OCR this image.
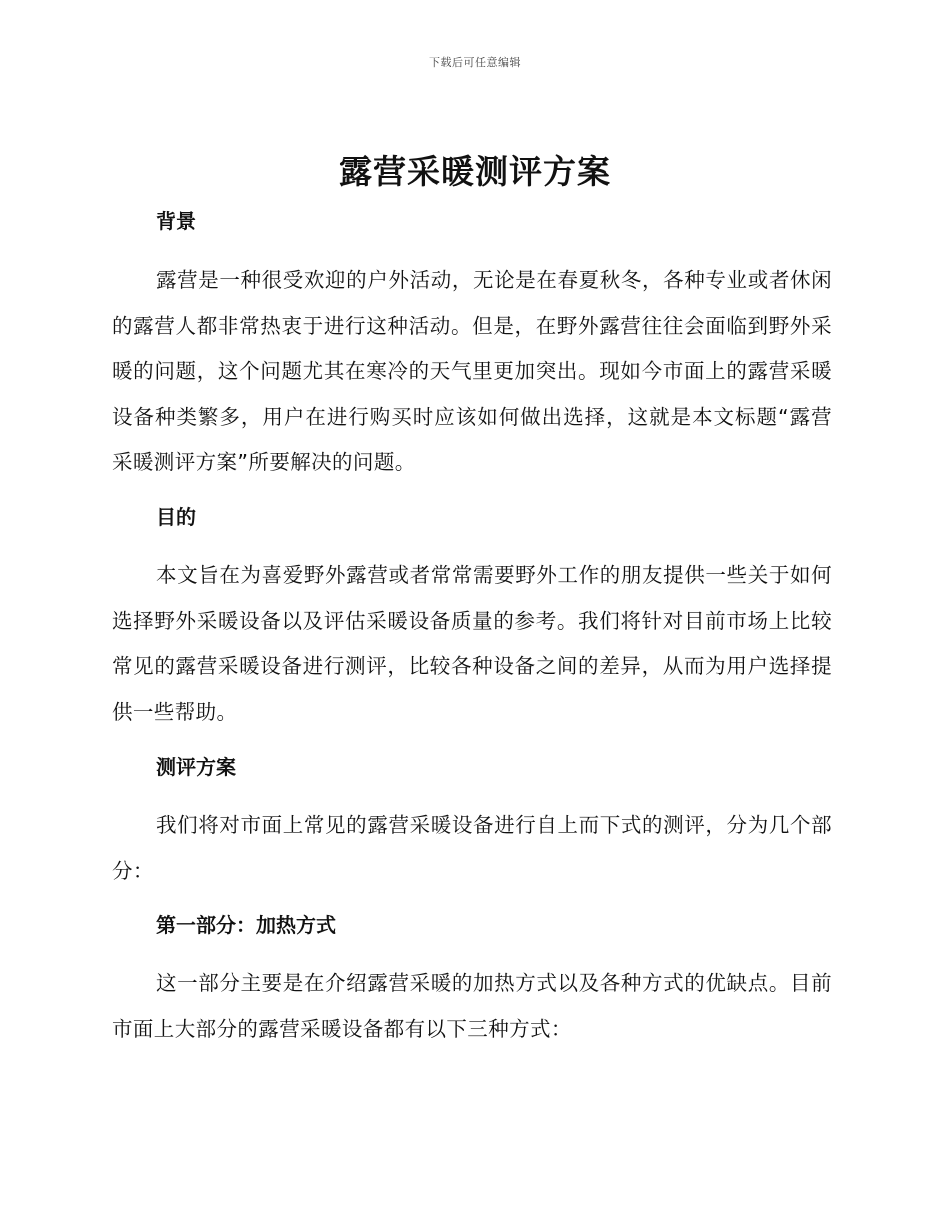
下载后可任意编辑
露营采暖测评方案
背景

露营是一种很受欢迎的户外活动，无论是在春夏秋冬，各种专业或者休闲的露营人都非常热衷于进行这种活动。但是，在野外露营往往会面临到野外采暖的问题，这个问题尤其在寒冷的天气里更加突出。现如今市面上的露营采暖设备种类繁多，用户在进行购买时应该如何做出选择，这就是本文标题“露营采暖测评方案”所要解决的问题。

目的

本文旨在为喜爱野外露营或者常常需要野外工作的朋友提供一些关于如何选择野外采暖设备以及评估采暖设备质量的参考。我们将针对目前市场上比较常见的露营采暖设备进行测评，比较各种设备之间的差异，从而为用户选择提供一些帮助。

测评方案

我们将对市面上常见的露营采暖设备进行自上而下式的测评，分为几个部分：

第一部分：加热方式

这一部分主要是在介绍露营采暖的加热方式以及各种方式的优缺点。目前市面上大部分的露营采暖设备都有以下三种方式：
